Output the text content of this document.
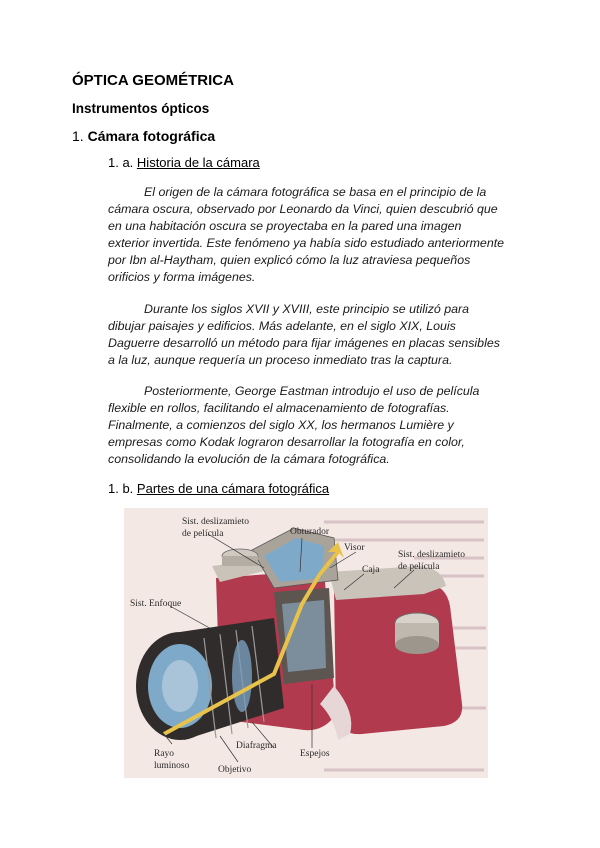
ÓPTICA GEOMÉTRICA
Instrumentos ópticos
1. Cámara fotográfica
1. a. Historia de la cámara
El origen de la cámara fotográfica se basa en el principio de la
cámara oscura, observado por Leonardo da Vinci, quien descubrió que
en una habitación oscura se proyectaba en la pared una imagen
exterior invertida. Este fenómeno ya había sido estudiado anteriormente
por Ibn al-Haytham, quien explicó cómo la luz atraviesa pequeños
orificios y forma imágenes.
Durante los siglos XVII y XVIII, este principio se utilizó para
dibujar paisajes y edificios. Más adelante, en el siglo XIX, Louis
Daguerre desarrolló un método para fijar imágenes en placas sensibles
a la luz, aunque requería un proceso inmediato tras la captura.
Posteriormente, George Eastman introdujo el uso de película
flexible en rollos, facilitando el almacenamiento de fotografías.
Finalmente, a comienzos del siglo XX, los hermanos Lumière y
empresas como Kodak lograron desarrollar la fotografía en color,
consolidando la evolución de la cámara fotográfica.
1. b. Partes de una cámara fotográfica
Sist. deslizamieto
de película	Obturador
Visor
Caja
Sist. deslizamieto
de película
Sist. Enfoque
Diafragma
Espejos
Rayo
luminoso	Objetivo
